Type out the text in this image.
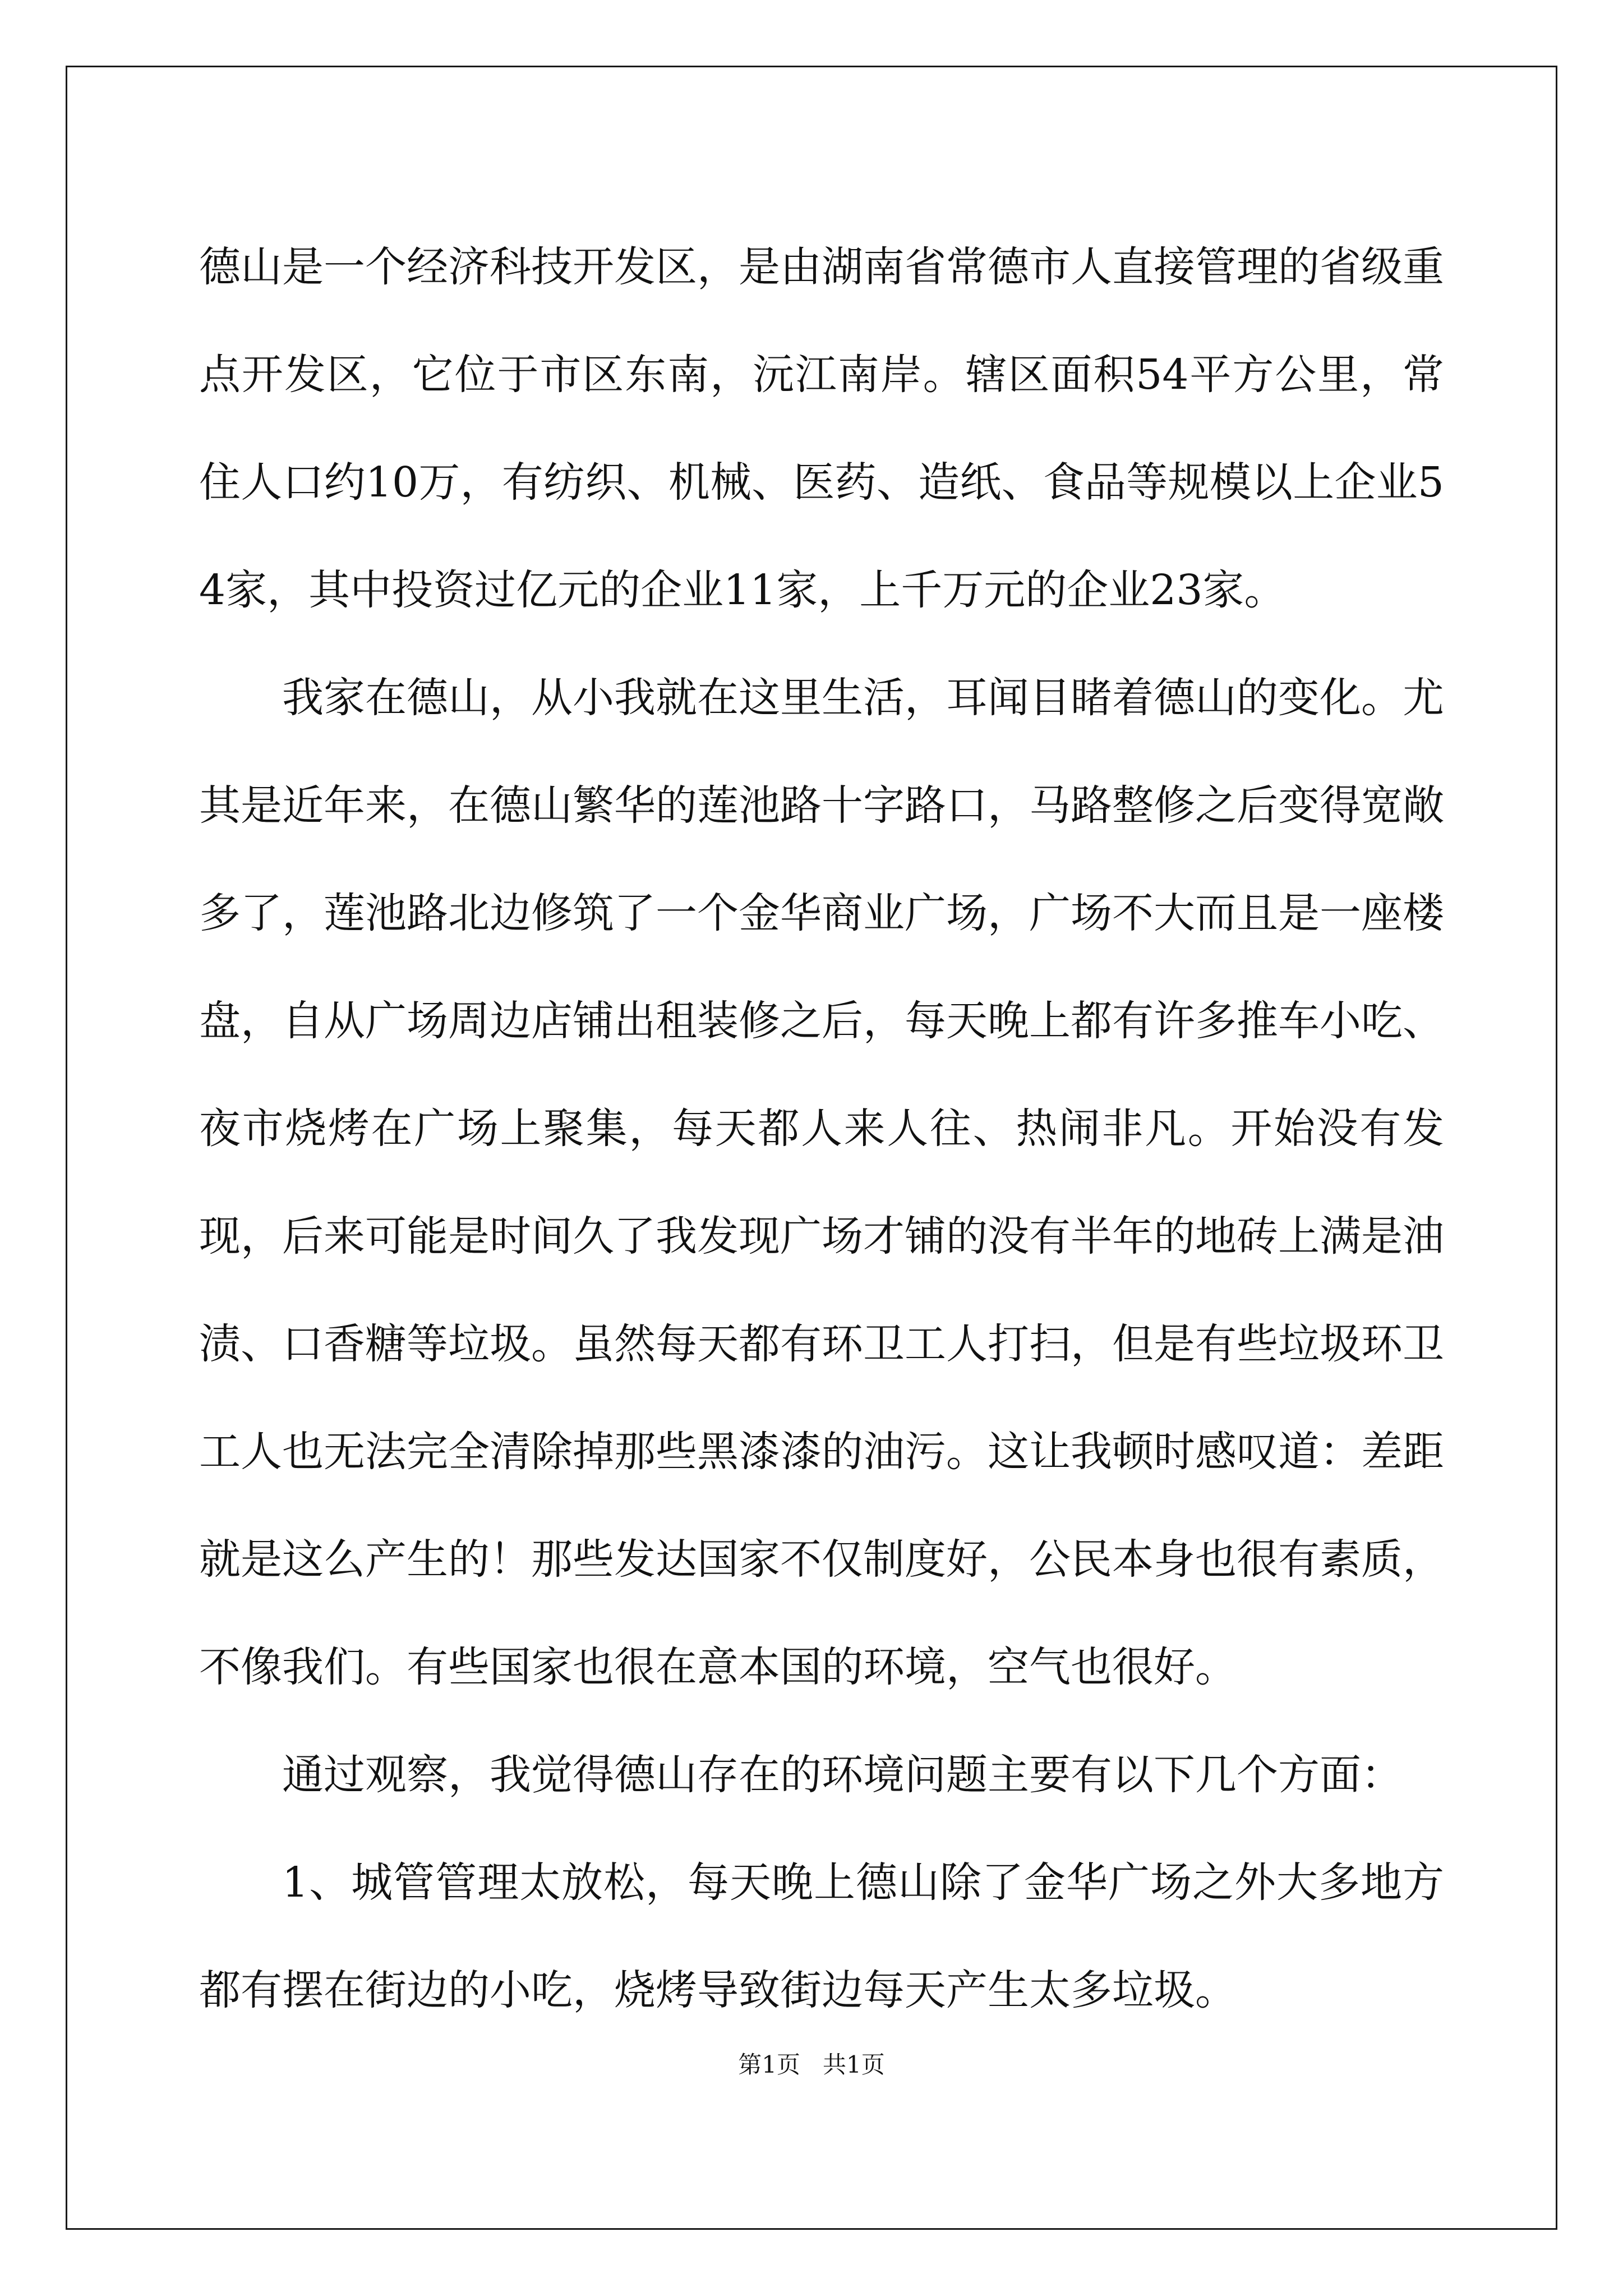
德山是一个经济科技开发区，是由湖南省常德市人直接管理的省级重点开发区，它位于市区东南，沅江南岸。辖区面积54平方公里，常住人口约10万，有纺织、机械、医药、造纸、食品等规模以上企业54家，其中投资过亿元的企业11家，上千万元的企业23家。

我家在德山，从小我就在这里生活，耳闻目睹着德山的变化。尤其是近年来，在德山繁华的莲池路十字路口，马路整修之后变得宽敞多了，莲池路北边修筑了一个金华商业广场，广场不大而且是一座楼盘，自从广场周边店铺出租装修之后，每天晚上都有许多推车小吃、夜市烧烤在广场上聚集，每天都人来人往、热闹非凡。开始没有发现，后来可能是时间久了我发现广场才铺的没有半年的地砖上满是油渍、口香糖等垃圾。虽然每天都有环卫工人打扫，但是有些垃圾环卫工人也无法完全清除掉那些黑漆漆的油污。这让我顿时感叹道：差距就是这么产生的！那些发达国家不仅制度好，公民本身也很有素质，不像我们。有些国家也很在意本国的环境，空气也很好。

通过观察，我觉得德山存在的环境问题主要有以下几个方面：

1、城管管理太放松，每天晚上德山除了金华广场之外大多地方都有摆在街边的小吃，烧烤导致街边每天产生太多垃圾。

第1页   共1页
